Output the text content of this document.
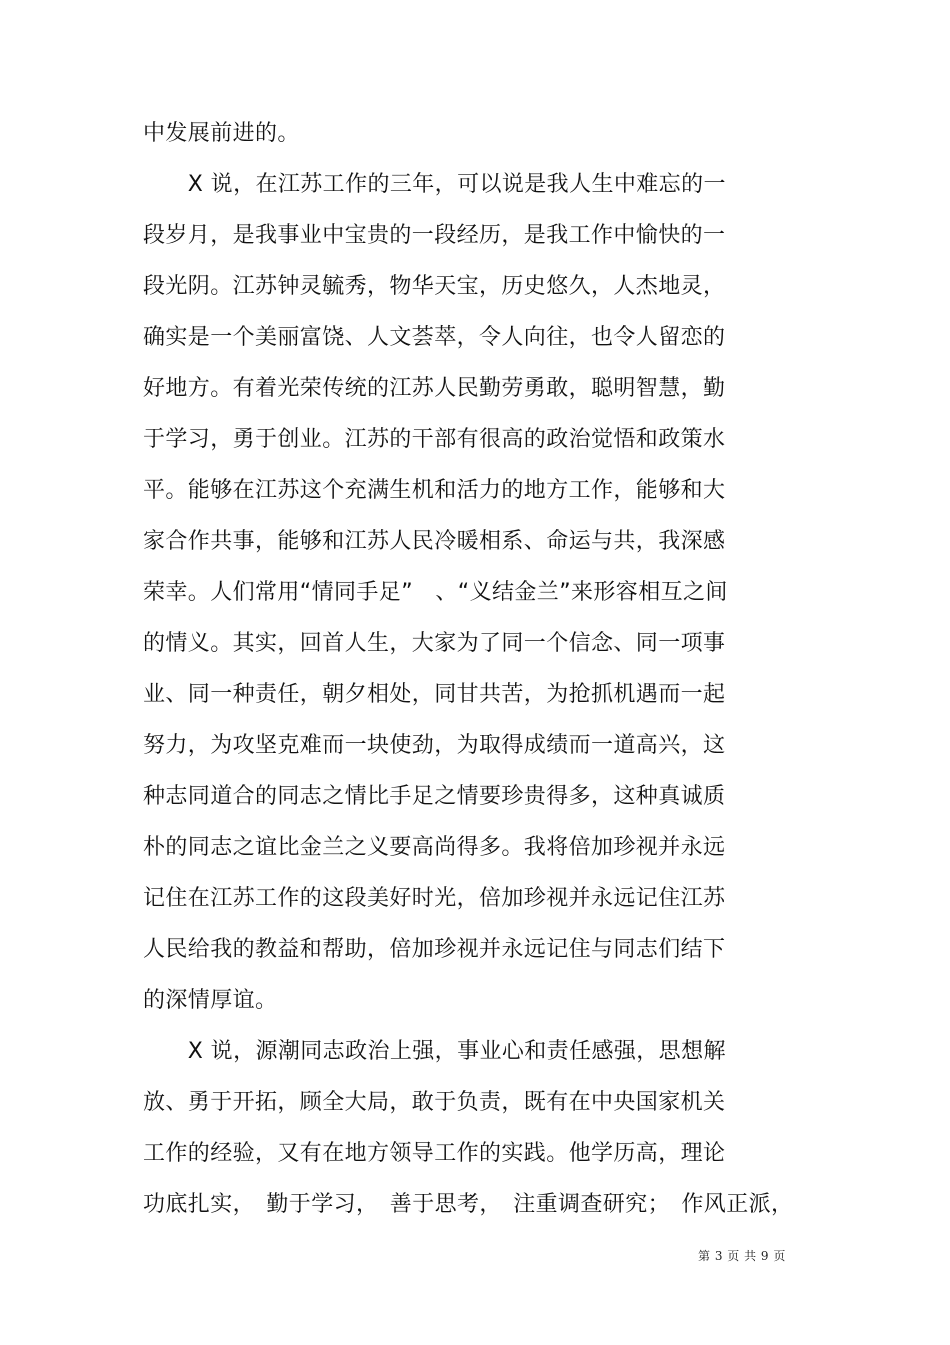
中发展前进的。
　　X 说，在江苏工作的三年，可以说是我人生中难忘的一
段岁月，是我事业中宝贵的一段经历，是我工作中愉快的一
段光阴。江苏钟灵毓秀，物华天宝，历史悠久，人杰地灵，
确实是一个美丽富饶、人文荟萃，令人向往，也令人留恋的
好地方。有着光荣传统的江苏人民勤劳勇敢，聪明智慧，勤
于学习，勇于创业。江苏的干部有很高的政治觉悟和政策水
平。能够在江苏这个充满生机和活力的地方工作，能够和大
家合作共事，能够和江苏人民冷暖相系、命运与共，我深感
荣幸。人们常用“情同手足”　、“义结金兰”来形容相互之间
的情义。其实，回首人生，大家为了同一个信念、同一项事
业、同一种责任，朝夕相处，同甘共苦，为抢抓机遇而一起
努力，为攻坚克难而一块使劲，为取得成绩而一道高兴，这
种志同道合的同志之情比手足之情要珍贵得多，这种真诚质
朴的同志之谊比金兰之义要高尚得多。我将倍加珍视并永远
记住在江苏工作的这段美好时光，倍加珍视并永远记住江苏
人民给我的教益和帮助，倍加珍视并永远记住与同志们结下
的深情厚谊。
　　X 说，源潮同志政治上强，事业心和责任感强，思想解
放、勇于开拓，顾全大局，敢于负责，既有在中央国家机关
工作的经验，又有在地方领导工作的实践。他学历高，理论
功底扎实，　勤于学习，　善于思考，　注重调查研究；　作风正派，
第 3 页 共 9 页
